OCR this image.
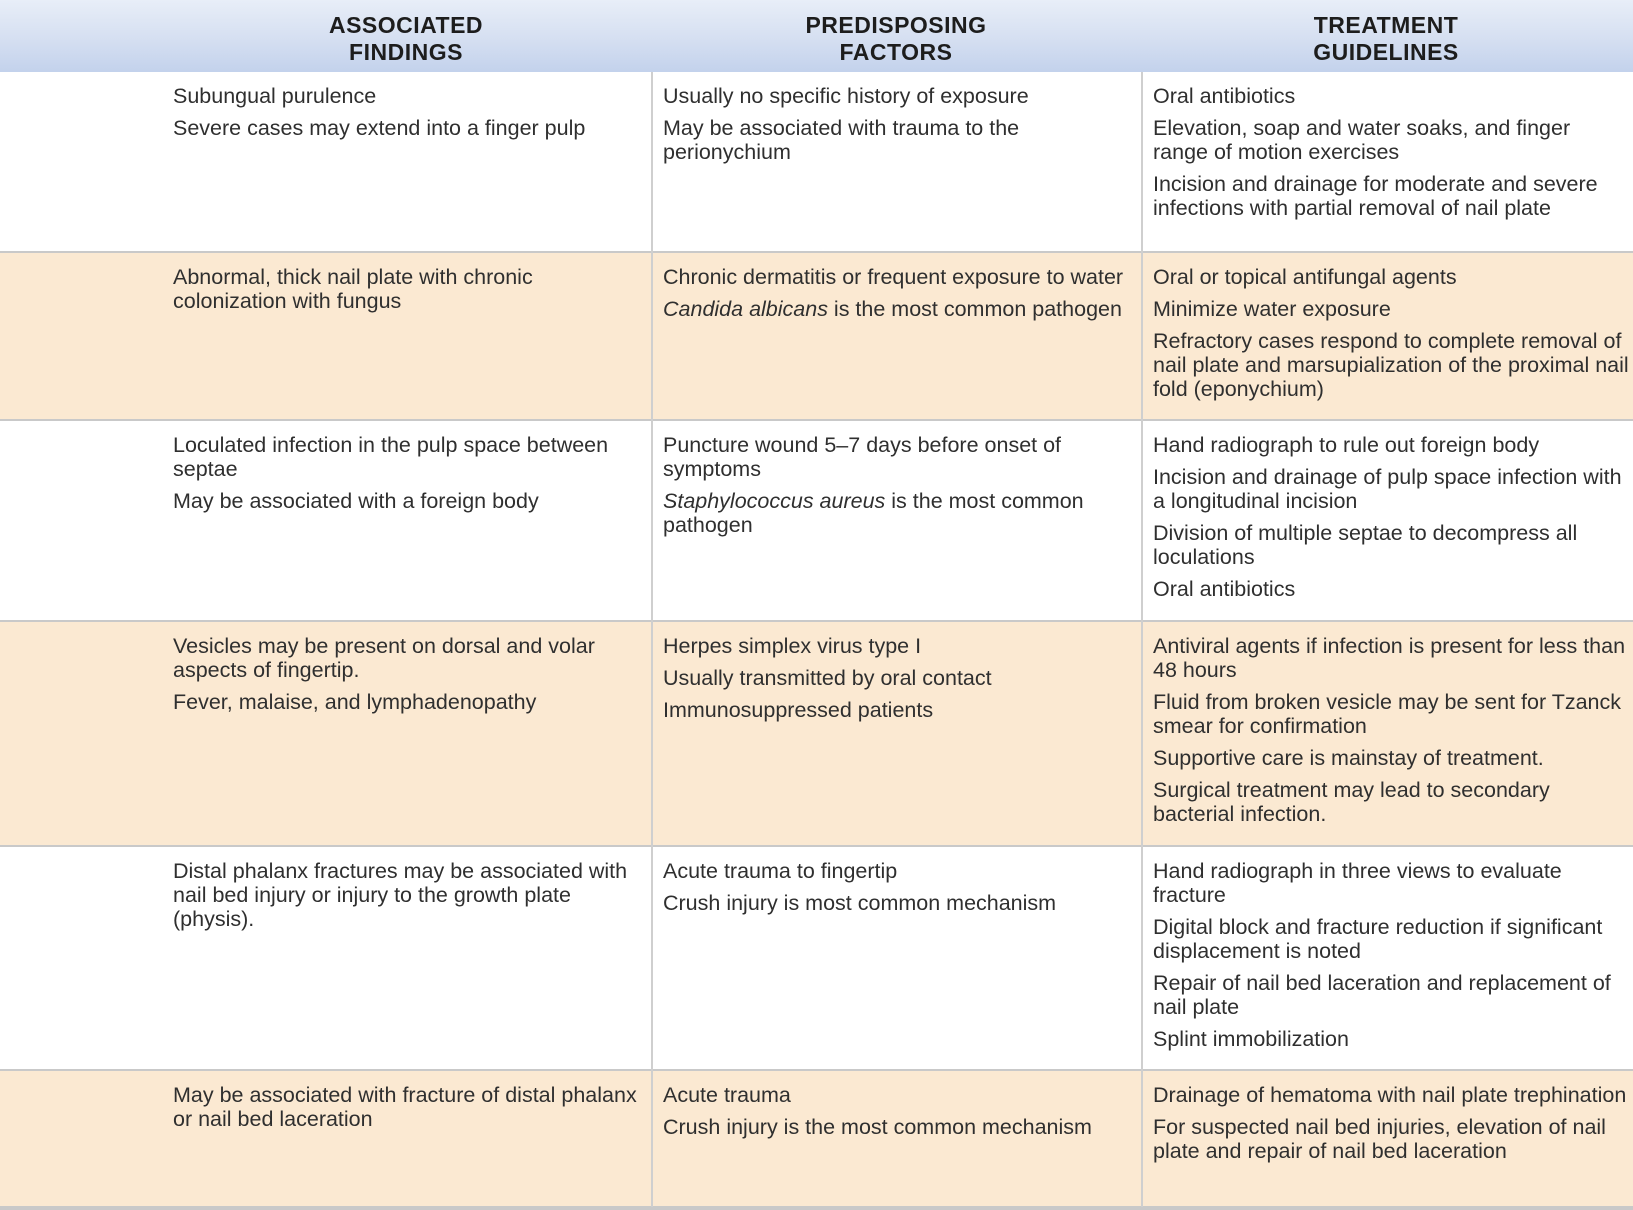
ASSOCIATED
FINDINGS
PREDISPOSING
FACTORS
TREATMENT
GUIDELINES

Subungual purulence

Severe cases may extend into a finger pulp

Usually no specific history of exposure

May be associated with trauma to the perionychium

Oral antibiotics

Elevation, soap and water soaks, and finger range of motion exercises

Incision and drainage for moderate and severe infections with partial removal of nail plate

Abnormal, thick nail plate with chronic colonization with fungus

Chronic dermatitis or frequent exposure to water

Candida albicans is the most common pathogen

Oral or topical antifungal agents

Minimize water exposure

Refractory cases respond to complete removal of nail plate and marsupialization of the proximal nail fold (eponychium)

Loculated infection in the pulp space between septae

May be associated with a foreign body

Puncture wound 5–7 days before onset of symptoms

Staphylococcus aureus is the most common pathogen

Hand radiograph to rule out foreign body

Incision and drainage of pulp space infection with a longitudinal incision

Division of multiple septae to decompress all loculations

Oral antibiotics

Vesicles may be present on dorsal and volar aspects of fingertip.

Fever, malaise, and lymphadenopathy

Herpes simplex virus type I

Usually transmitted by oral contact

Immunosuppressed patients

Antiviral agents if infection is present for less than 48 hours

Fluid from broken vesicle may be sent for Tzanck smear for confirmation

Supportive care is mainstay of treatment.

Surgical treatment may lead to secondary bacterial infection.

Distal phalanx fractures may be associated with nail bed injury or injury to the growth plate (physis).

Acute trauma to fingertip

Crush injury is most common mechanism

Hand radiograph in three views to evaluate fracture

Digital block and fracture reduction if significant displacement is noted

Repair of nail bed laceration and replacement of nail plate

Splint immobilization

May be associated with fracture of distal phalanx or nail bed laceration

Acute trauma

Crush injury is the most common mechanism

Drainage of hematoma with nail plate trephination

For suspected nail bed injuries, elevation of nail plate and repair of nail bed laceration
